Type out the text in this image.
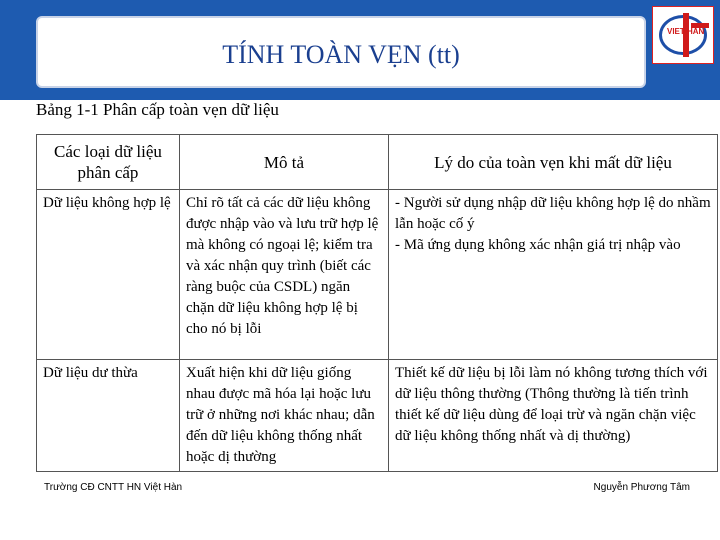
TÍNH TOÀN VẸN (tt)
VIET HAN
Bảng 1-1 Phân cấp toàn vẹn dữ liệu
Các loại dữ liệu phân cấp	Mô tả	Lý do của toàn vẹn khi mất dữ liệu
Dữ liệu không hợp lệ	Chỉ rõ tất cả các dữ liệu không được nhập vào và lưu trữ hợp lệ mà không có ngoại lệ; kiểm tra và xác nhận quy trình (biết các ràng buộc của CSDL) ngăn chặn dữ liệu không hợp lệ bị cho nó bị lỗi	- Người sử dụng nhập dữ liệu không hợp lệ do nhầm lẫn hoặc cố ý
- Mã ứng dụng không xác nhận giá trị nhập vào
Dữ liệu dư thừa	Xuất hiện khi dữ liệu giống nhau được mã hóa lại hoặc lưu trữ ở những nơi khác nhau; dẫn đến dữ liệu không thống nhất hoặc dị thường	Thiết kế dữ liệu bị lỗi làm nó không tương thích với dữ liệu thông thường (Thông thường là tiến trình thiết kế dữ liệu dùng để loại trừ và ngăn chặn việc dữ liệu không thống nhất và dị thường)
Trường CĐ CNTT HN Việt Hàn	Nguyễn Phương Tâm
